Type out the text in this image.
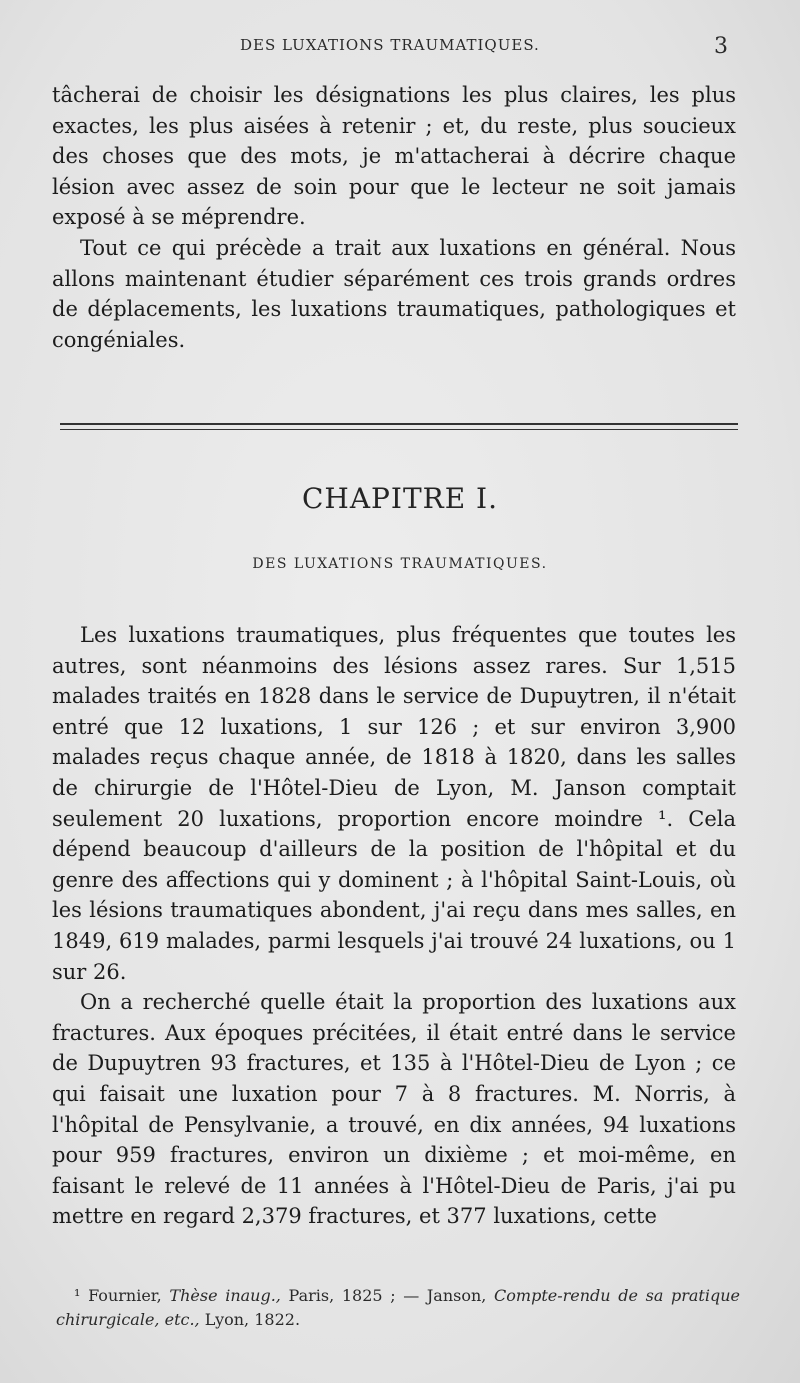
DES LUXATIONS TRAUMATIQUES.	3

tâcherai de choisir les désignations les plus claires, les plus exactes, les plus aisées à retenir ; et, du reste, plus soucieux des choses que des mots, je m'attacherai à décrire chaque lésion avec assez de soin pour que le lecteur ne soit jamais exposé à se méprendre.

Tout ce qui précède a trait aux luxations en général. Nous allons maintenant étudier séparément ces trois grands ordres de déplacements, les luxations traumatiques, pathologiques et congéniales.

CHAPITRE I.
DES LUXATIONS TRAUMATIQUES.

Les luxations traumatiques, plus fréquentes que toutes les autres, sont néanmoins des lésions assez rares. Sur 1,515 malades traités en 1828 dans le service de Dupuytren, il n'était entré que 12 luxations, 1 sur 126 ; et sur environ 3,900 malades reçus chaque année, de 1818 à 1820, dans les salles de chirurgie de l'Hôtel-Dieu de Lyon, M. Janson comptait seulement 20 luxations, proportion encore moindre ¹. Cela dépend beaucoup d'ailleurs de la position de l'hôpital et du genre des affections qui y dominent ; à l'hôpital Saint-Louis, où les lésions traumatiques abondent, j'ai reçu dans mes salles, en 1849, 619 malades, parmi lesquels j'ai trouvé 24 luxations, ou 1 sur 26.

On a recherché quelle était la proportion des luxations aux fractures. Aux époques précitées, il était entré dans le service de Dupuytren 93 fractures, et 135 à l'Hôtel-Dieu de Lyon ; ce qui faisait une luxation pour 7 à 8 fractures. M. Norris, à l'hôpital de Pensylvanie, a trouvé, en dix années, 94 luxations pour 959 fractures, environ un dixième ; et moi-même, en faisant le relevé de 11 années à l'Hôtel-Dieu de Paris, j'ai pu mettre en regard 2,379 fractures, et 377 luxations, cette

¹ Fournier, Thèse inaug., Paris, 1825 ; — Janson, Compte-rendu de sa pratique chirurgicale, etc., Lyon, 1822.
